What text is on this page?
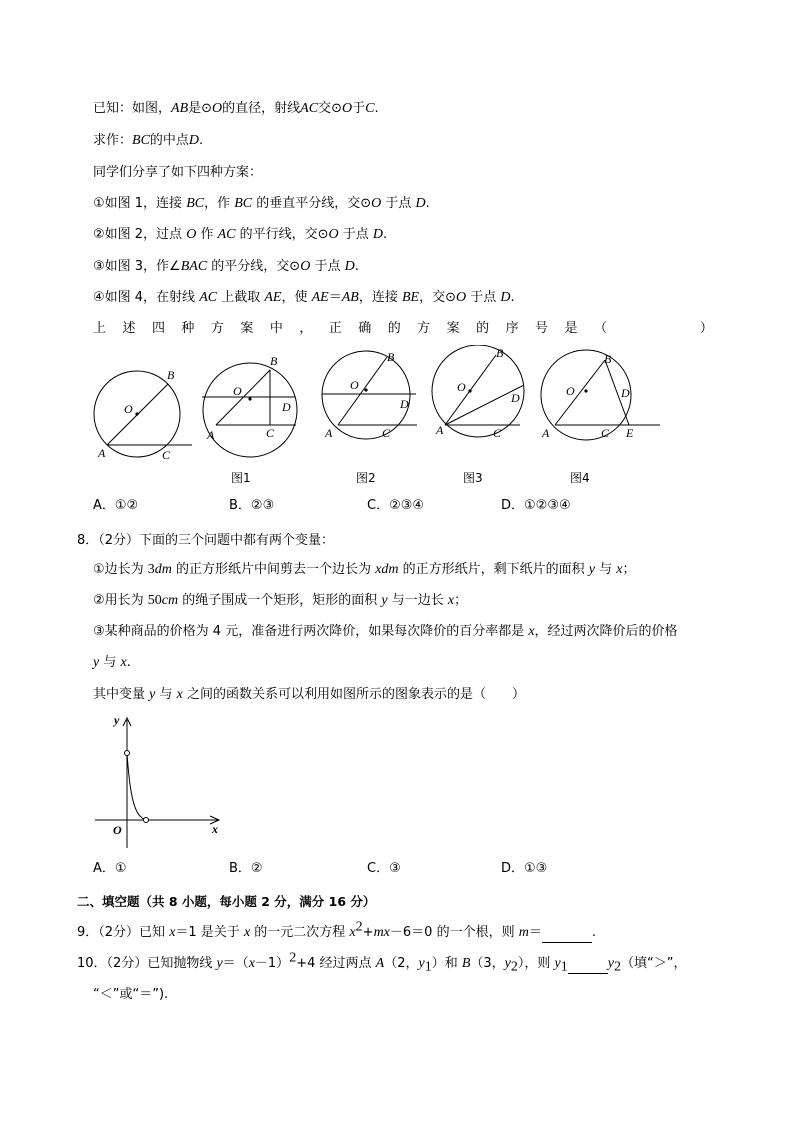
已知：如图，AB是⊙O的直径，射线AC交⊙O于C.
求作：BC的中点D.
同学们分享了如下四种方案：
①如图 1，连接 BC，作 BC 的垂直平分线，交⊙O 于点 D.
②如图 2，过点 O 作 AC 的平行线，交⊙O 于点 D.
③如图 3，作∠BAC 的平分线，交⊙O 于点 D.
④如图 4，在射线 AC 上截取 AE，使 AE＝AB，连接 BE，交⊙O 于点 D.
上 述 四 种 方 案 中 ， 正 确 的 方 案 的 序 号 是 （	）
B
O
A	C
B
O
D
A	C
图1
B
O
D
A	C
图2
B
O
D
A	C
图3
B
O	D
A	C E
图4
A．①②	B．②③	C．②③④	D．①②③④
8．（2分）下面的三个问题中都有两个变量：
①边长为 3dm 的正方形纸片中间剪去一个边长为 xdm 的正方形纸片，剩下纸片的面积 y 与 x；
②用长为 50cm 的绳子围成一个矩形，矩形的面积 y 与一边长 x；
③某种商品的价格为 4 元，准备进行两次降价，如果每次降价的百分率都是 x，经过两次降价后的价格
y 与 x.
其中变量 y 与 x 之间的函数关系可以利用如图所示的图象表示的是（　　）
y
x
O
A．①	B．②	C．③	D．①③
二、填空题（共 8 小题，每小题 2 分，满分 16 分）
9．（2分）已知 x＝1 是关于 x 的一元二次方程 $x^2+mx-6=0$ 的一个根，则 m＝	.
10．（2分）已知抛物线 $y=(x-1)^2+4$ 经过两点 A（2，$y_1$）和 B（3，$y_2$），则 $y_1$	$y_2$（填“＞”，
“＜”或“＝”).
